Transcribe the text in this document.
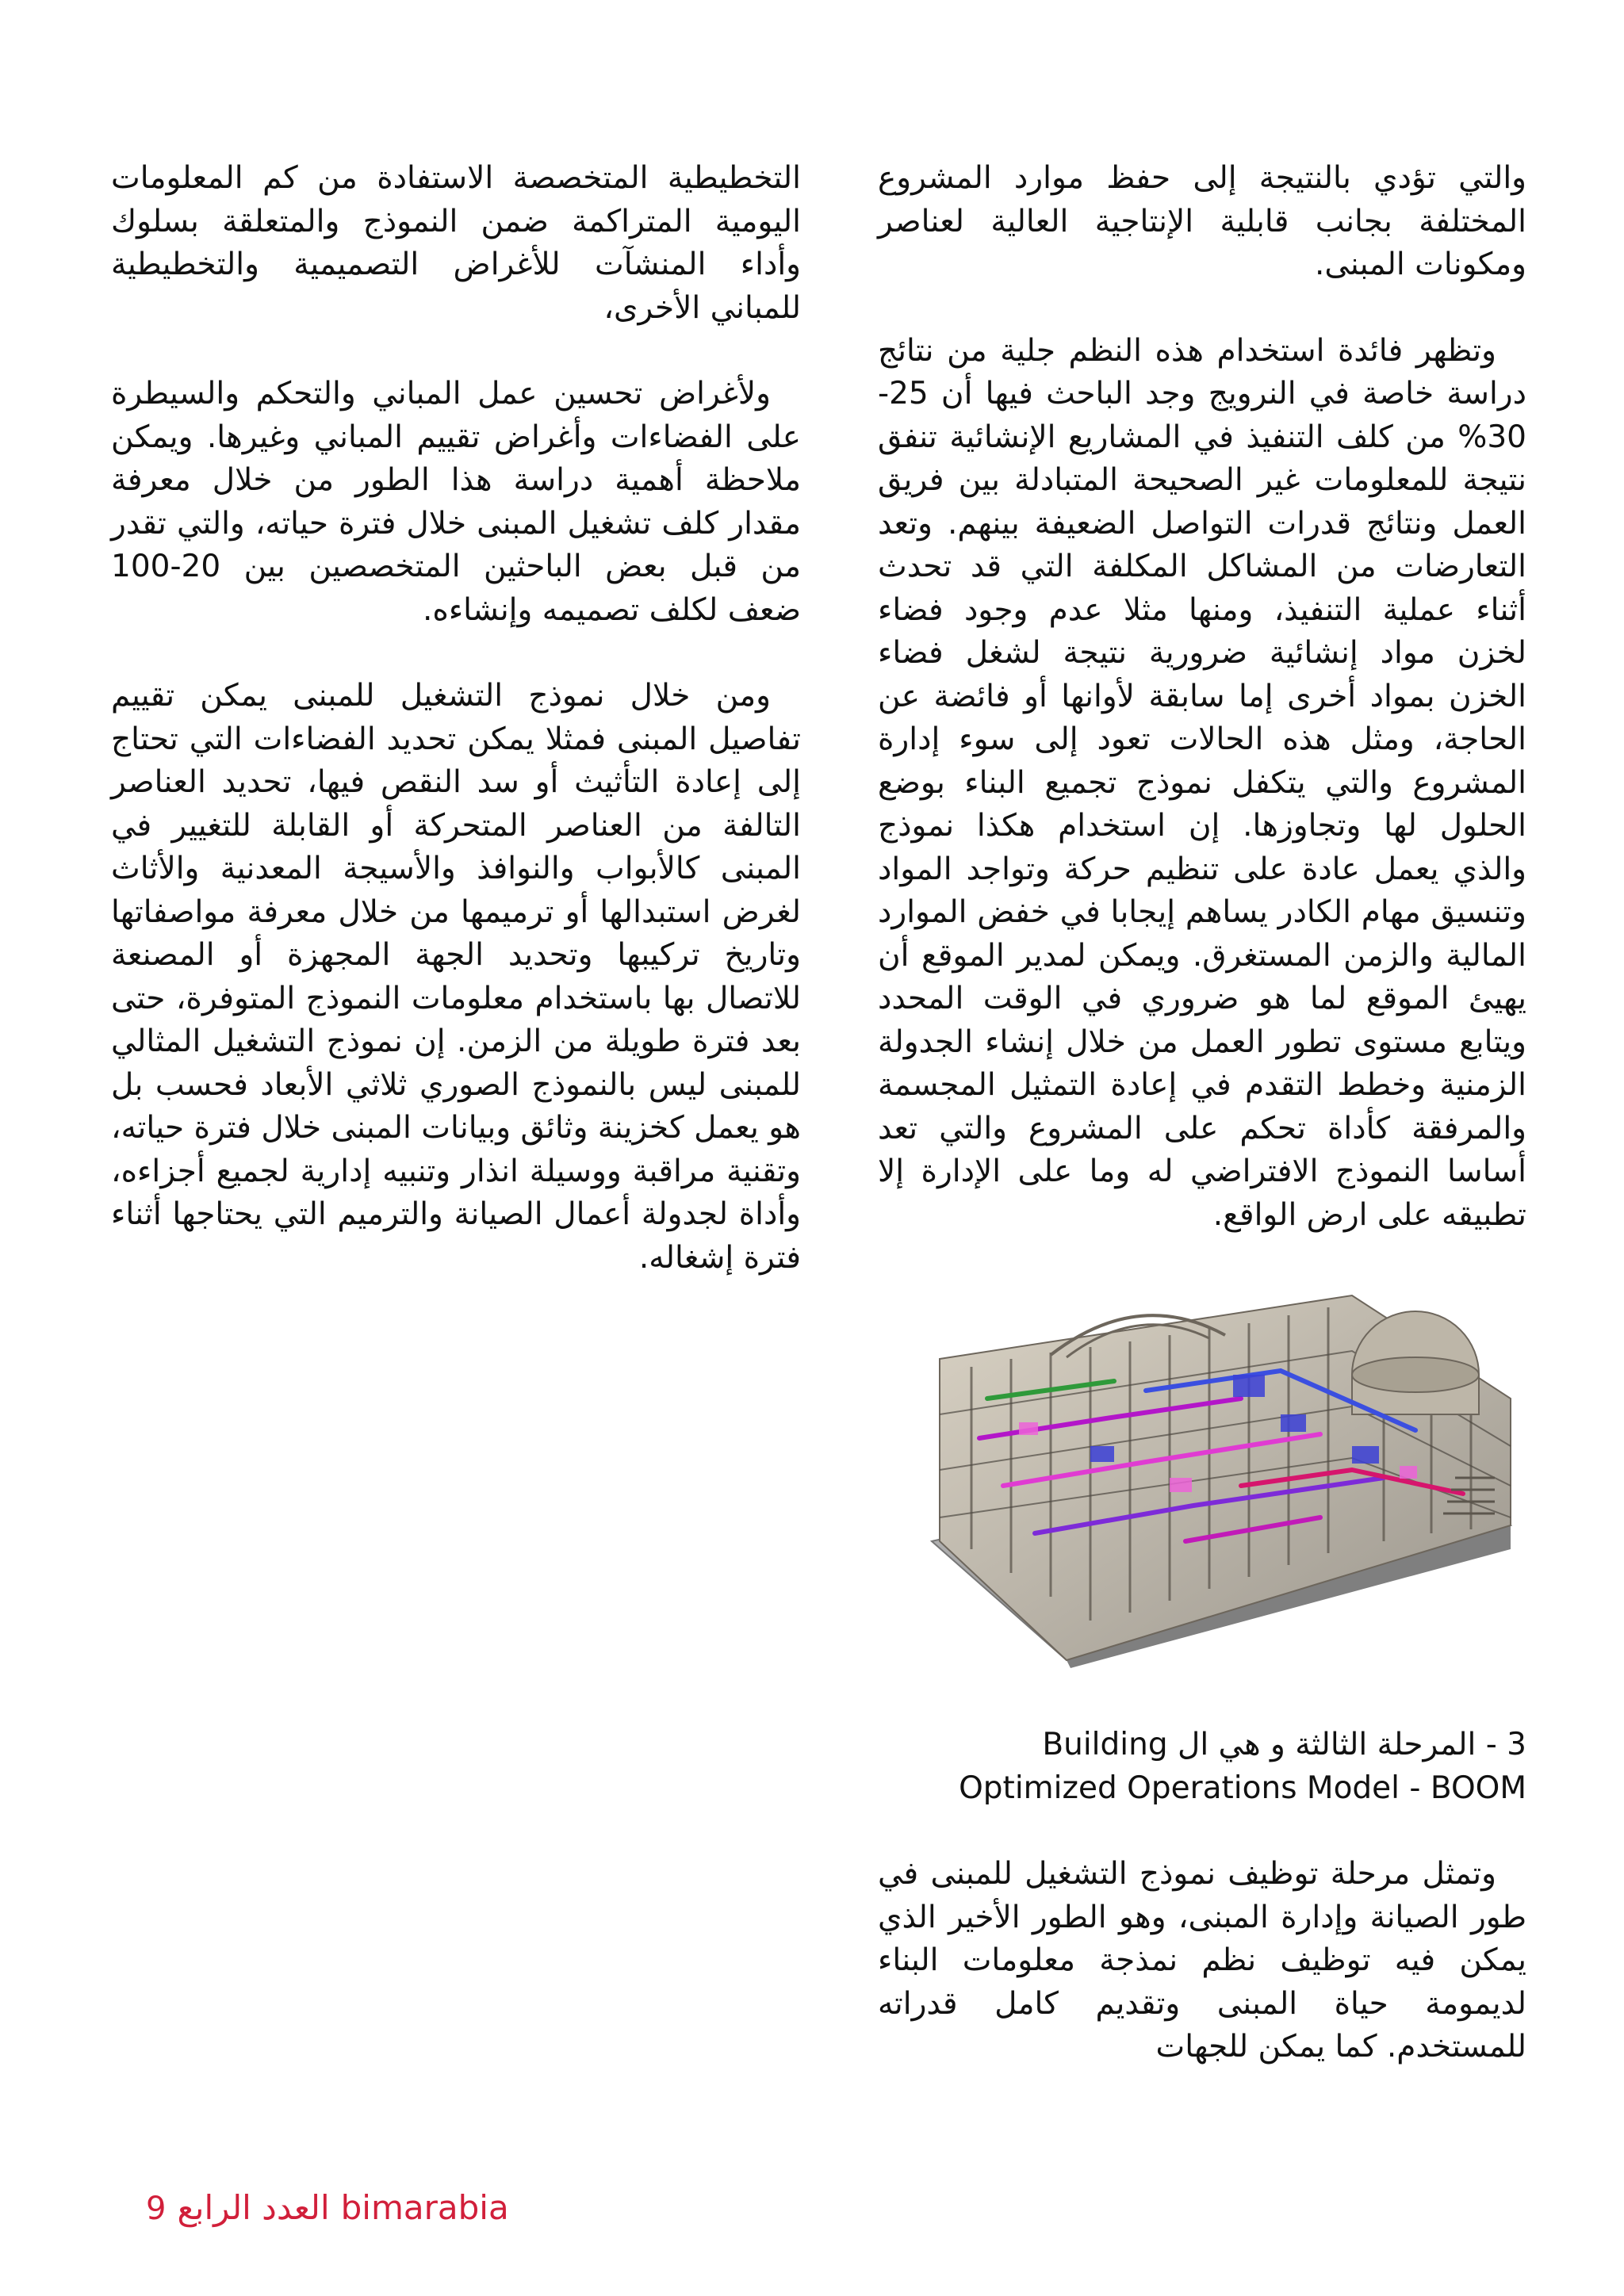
والتي تؤدي بالنتيجة إلى حفظ موارد المشروع المختلفة بجانب قابلية الإنتاجية العالية لعناصر ومكونات المبنى.

وتظهر فائدة استخدام هذه النظم جلية من نتائج دراسة خاصة في النرويج وجد الباحث فيها أن 25-30% من كلف التنفيذ في المشاريع الإنشائية تنفق نتيجة للمعلومات غير الصحيحة المتبادلة بين فريق العمل ونتائج قدرات التواصل الضعيفة بينهم. وتعد التعارضات من المشاكل المكلفة التي قد تحدث أثناء عملية التنفيذ، ومنها مثلا عدم وجود فضاء لخزن مواد إنشائية ضرورية نتيجة لشغل فضاء الخزن بمواد أخرى إما سابقة لأوانها أو فائضة عن الحاجة، ومثل هذه الحالات تعود إلى سوء إدارة المشروع والتي يتكفل نموذج تجميع البناء بوضع الحلول لها وتجاوزها. إن استخدام هكذا نموذج والذي يعمل عادة على تنظيم حركة وتواجد المواد وتنسيق مهام الكادر يساهم إيجابا في خفض الموارد المالية والزمن المستغرق. ويمكن لمدير الموقع أن يهيئ الموقع لما هو ضروري في الوقت المحدد ويتابع مستوى تطور العمل من خلال إنشاء الجدولة الزمنية وخطط التقدم في إعادة التمثيل المجسمة والمرفقة كأداة تحكم على المشروع والتي تعد أساسا النموذج الافتراضي له وما على الإدارة إلا تطبيقه على ارض الواقع.

3 - المرحلة الثالثة و هي ال Building Optimized Operations Model - BOOM

وتمثل مرحلة توظيف نموذج التشغيل للمبنى في طور الصيانة وإدارة المبنى، وهو الطور الأخير الذي يمكن فيه توظيف نظم نمذجة معلومات البناء لديمومة حياة المبنى وتقديم كامل قدراته للمستخدم. كما يمكن للجهات

التخطيطية المتخصصة الاستفادة من كم المعلومات اليومية المتراكمة ضمن النموذج والمتعلقة بسلوك وأداء المنشآت للأغراض التصميمية والتخطيطية للمباني الأخرى،

ولأغراض تحسين عمل المباني والتحكم والسيطرة على الفضاءات وأغراض تقييم المباني وغيرها. ويمكن ملاحظة أهمية دراسة هذا الطور من خلال معرفة مقدار كلف تشغيل المبنى خلال فترة حياته، والتي تقدر من قبل بعض الباحثين المتخصصين بين 20-100 ضعف لكلف تصميمه وإنشاءه.

ومن خلال نموذج التشغيل للمبنى يمكن تقييم تفاصيل المبنى فمثلا يمكن تحديد الفضاءات التي تحتاج إلى إعادة التأثيث أو سد النقص فيها، تحديد العناصر التالفة من العناصر المتحركة أو القابلة للتغيير في المبنى كالأبواب والنوافذ والأسيجة المعدنية والأثاث لغرض استبدالها أو ترميمها من خلال معرفة مواصفاتها وتاريخ تركيبها وتحديد الجهة المجهزة أو المصنعة للاتصال بها باستخدام معلومات النموذج المتوفرة، حتى بعد فترة طويلة من الزمن. إن نموذج التشغيل المثالي للمبنى ليس بالنموذج الصوري ثلاثي الأبعاد فحسب بل هو يعمل كخزينة وثائق وبيانات المبنى خلال فترة حياته، وتقنية مراقبة ووسيلة انذار وتنبيه إدارية لجميع أجزاءه، وأداة لجدولة أعمال الصيانة والترميم التي يحتاجها أثناء فترة إشغاله.

9 العدد الرابع bimarabia
